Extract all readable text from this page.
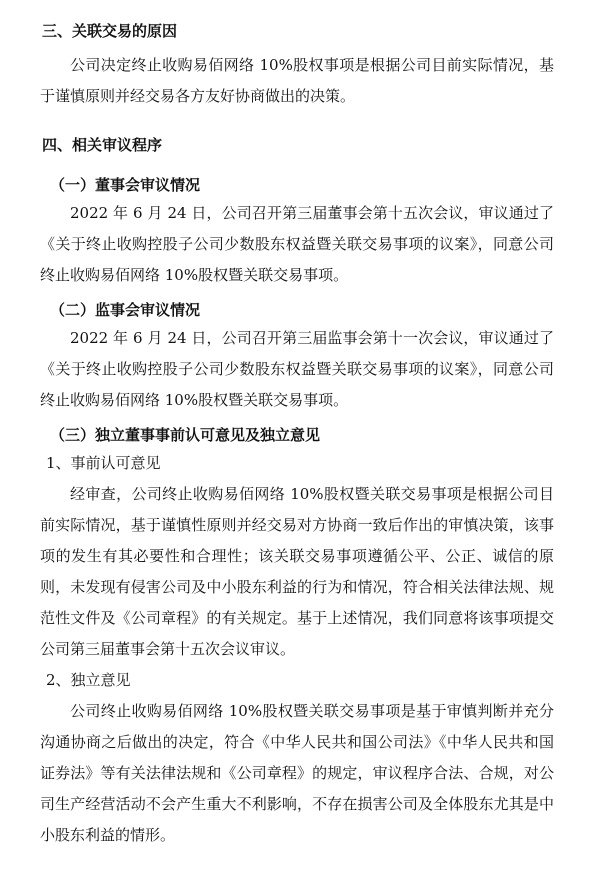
三、关联交易的原因

公司决定终止收购易佰网络 10%股权事项是根据公司目前实际情况，基于谨慎原则并经交易各方友好协商做出的决策。

四、相关审议程序
（一）董事会审议情况

2022 年 6 月 24 日，公司召开第三届董事会第十五次会议，审议通过了《关于终止收购控股子公司少数股东权益暨关联交易事项的议案》，同意公司终止收购易佰网络 10%股权暨关联交易事项。

（二）监事会审议情况

2022 年 6 月 24 日，公司召开第三届监事会第十一次会议，审议通过了《关于终止收购控股子公司少数股东权益暨关联交易事项的议案》，同意公司终止收购易佰网络 10%股权暨关联交易事项。

（三）独立董事事前认可意见及独立意见

1、事前认可意见

经审查，公司终止收购易佰网络 10%股权暨关联交易事项是根据公司目前实际情况，基于谨慎性原则并经交易对方协商一致后作出的审慎决策，该事项的发生有其必要性和合理性；该关联交易事项遵循公平、公正、诚信的原则，未发现有侵害公司及中小股东利益的行为和情况，符合相关法律法规、规范性文件及《公司章程》的有关规定。基于上述情况，我们同意将该事项提交公司第三届董事会第十五次会议审议。

2、独立意见

公司终止收购易佰网络 10%股权暨关联交易事项是基于审慎判断并充分沟通协商之后做出的决定，符合《中华人民共和国公司法》《中华人民共和国证券法》等有关法律法规和《公司章程》的规定，审议程序合法、合规，对公司生产经营活动不会产生重大不利影响，不存在损害公司及全体股东尤其是中小股东利益的情形。
